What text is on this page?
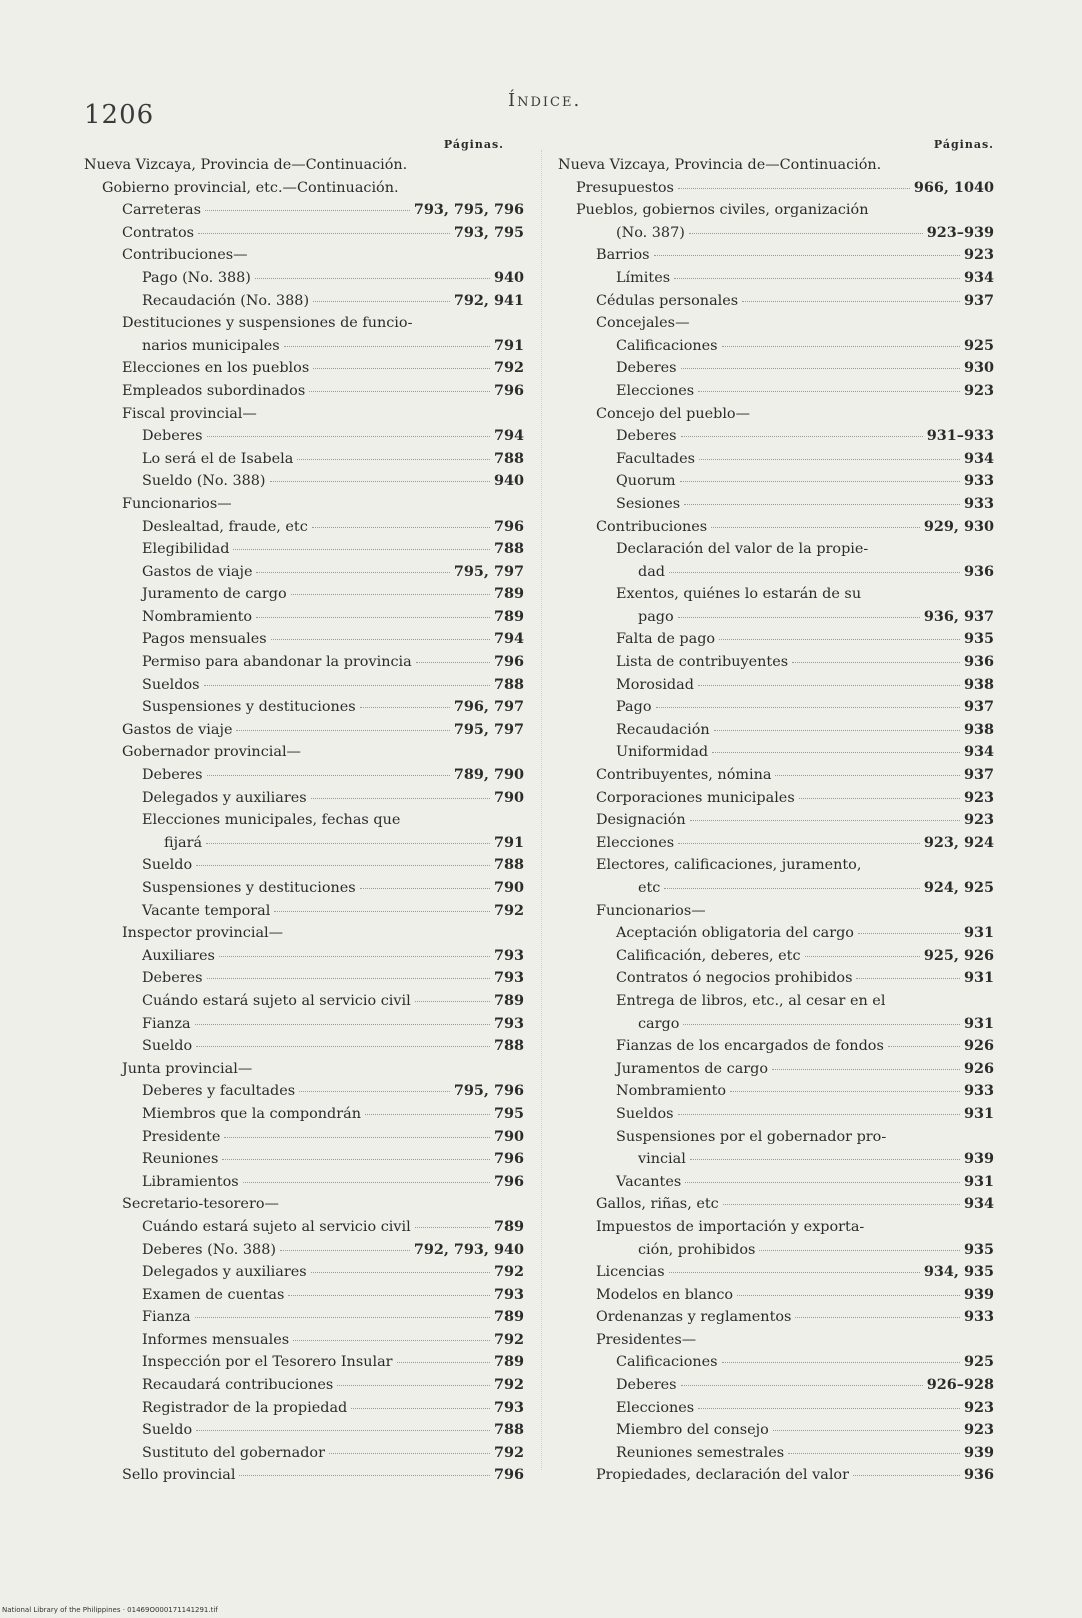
1206	Índice.
Páginas.
Nueva Vizcaya, Provincia de—Continuación.
Gobierno provincial, etc.—Continuación.
Carreteras	793, 795, 796
Contratos	793, 795
Contribuciones—
Pago (No. 388)	940
Recaudación (No. 388)	792, 941
Destituciones y suspensiones de funcio-
narios municipales	791
Elecciones en los pueblos	792
Empleados subordinados	796
Fiscal provincial—
Deberes	794
Lo será el de Isabela	788
Sueldo (No. 388)	940
Funcionarios—
Deslealtad, fraude, etc	796
Elegibilidad	788
Gastos de viaje	795, 797
Juramento de cargo	789
Nombramiento	789
Pagos mensuales	794
Permiso para abandonar la provincia	796
Sueldos	788
Suspensiones y destituciones	796, 797
Gastos de viaje	795, 797
Gobernador provincial—
Deberes	789, 790
Delegados y auxiliares	790
Elecciones municipales, fechas que
fijará	791
Sueldo	788
Suspensiones y destituciones	790
Vacante temporal	792
Inspector provincial—
Auxiliares	793
Deberes	793
Cuándo estará sujeto al servicio civil	789
Fianza	793
Sueldo	788
Junta provincial—
Deberes y facultades	795, 796
Miembros que la compondrán	795
Presidente	790
Reuniones	796
Libramientos	796
Secretario-tesorero—
Cuándo estará sujeto al servicio civil	789
Deberes (No. 388)	792, 793, 940
Delegados y auxiliares	792
Examen de cuentas	793
Fianza	789
Informes mensuales	792
Inspección por el Tesorero Insular	789
Recaudará contribuciones	792
Registrador de la propiedad	793
Sueldo	788
Sustituto del gobernador	792
Sello provincial	796
Páginas.
Nueva Vizcaya, Provincia de—Continuación.
Presupuestos	966, 1040
Pueblos, gobiernos civiles, organización
(No. 387)	923–939
Barrios	923
Límites	934
Cédulas personales	937
Concejales—
Calificaciones	925
Deberes	930
Elecciones	923
Concejo del pueblo—
Deberes	931–933
Facultades	934
Quorum	933
Sesiones	933
Contribuciones	929, 930
Declaración del valor de la propie-
dad	936
Exentos, quiénes lo estarán de su
pago	936, 937
Falta de pago	935
Lista de contribuyentes	936
Morosidad	938
Pago	937
Recaudación	938
Uniformidad	934
Contribuyentes, nómina	937
Corporaciones municipales	923
Designación	923
Elecciones	923, 924
Electores, calificaciones, juramento,
etc	924, 925
Funcionarios—
Aceptación obligatoria del cargo	931
Calificación, deberes, etc	925, 926
Contratos ó negocios prohibidos	931
Entrega de libros, etc., al cesar en el
cargo	931
Fianzas de los encargados de fondos	926
Juramentos de cargo	926
Nombramiento	933
Sueldos	931
Suspensiones por el gobernador pro-
vincial	939
Vacantes	931
Gallos, riñas, etc	934
Impuestos de importación y exporta-
ción, prohibidos	935
Licencias	934, 935
Modelos en blanco	939
Ordenanzas y reglamentos	933
Presidentes—
Calificaciones	925
Deberes	926–928
Elecciones	923
Miembro del consejo	923
Reuniones semestrales	939
Propiedades, declaración del valor	936
National Library of the Philippines · 01469O000171141291.tif
